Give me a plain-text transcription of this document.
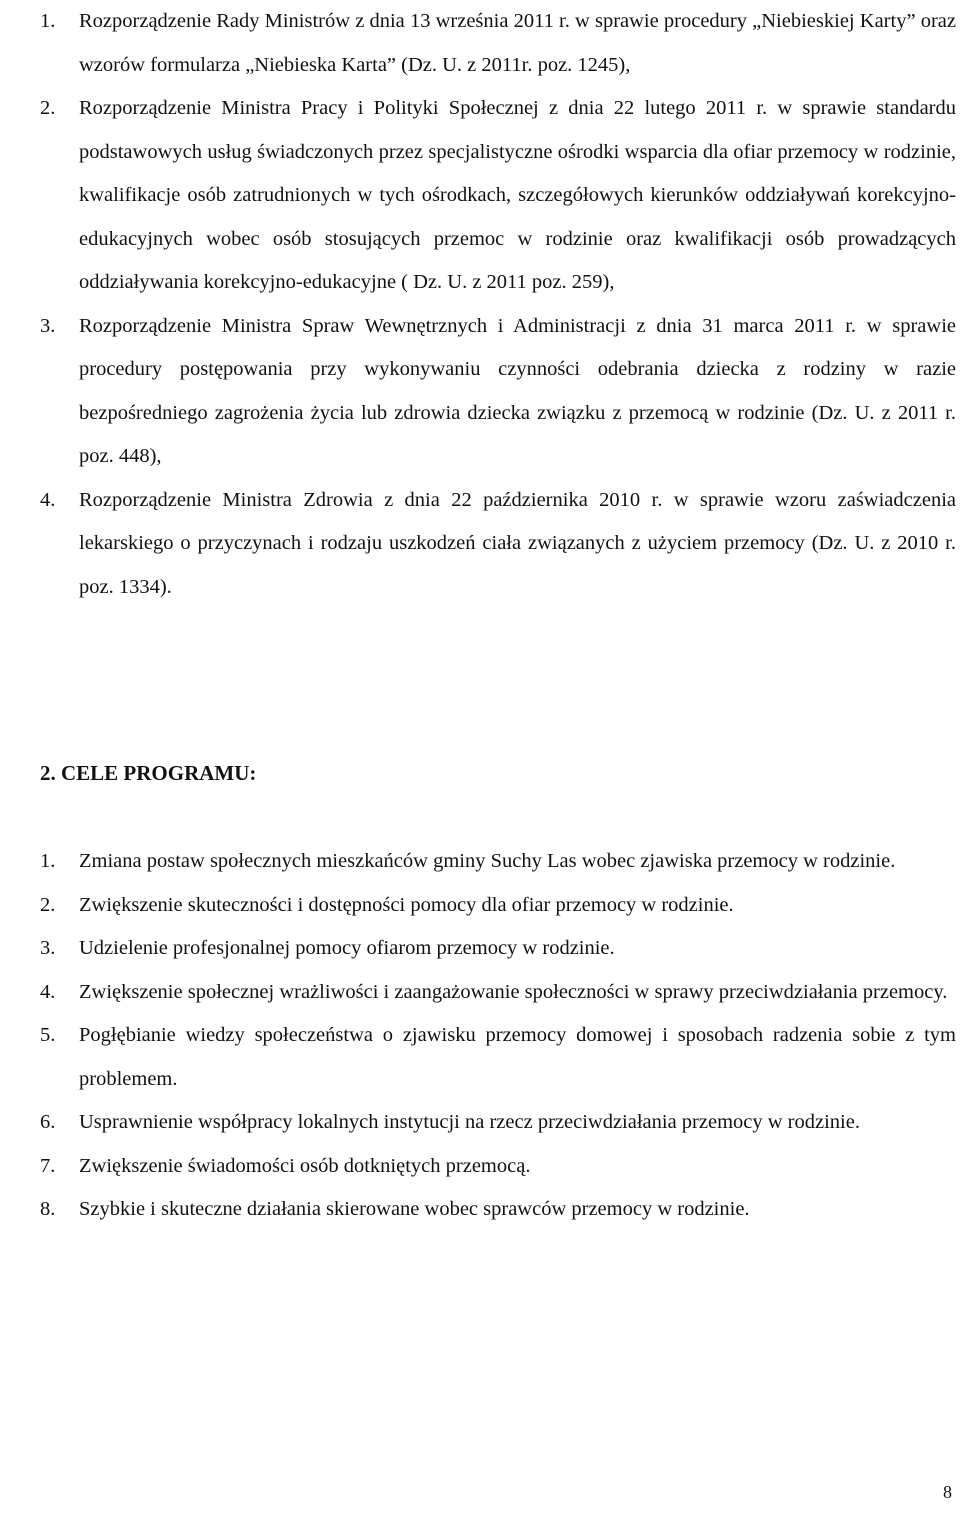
1.	Rozporządzenie Rady Ministrów z dnia 13 września 2011 r. w sprawie procedury „Niebieskiej Karty” oraz wzorów formularza „Niebieska Karta” (Dz. U. z 2011r. poz. 1245),
2.	Rozporządzenie Ministra Pracy i Polityki Społecznej z dnia 22 lutego 2011 r. w sprawie standardu podstawowych usług świadczonych przez specjalistyczne ośrodki wsparcia dla ofiar przemocy w rodzinie, kwalifikacje osób zatrudnionych w tych ośrodkach, szczegółowych kierunków oddziaływań korekcyjno-edukacyjnych wobec osób stosujących przemoc w rodzinie oraz kwalifikacji osób prowadzących oddziaływania korekcyjno-edukacyjne ( Dz. U. z 2011 poz. 259),
3.	Rozporządzenie Ministra Spraw Wewnętrznych i Administracji z dnia 31 marca 2011 r. w sprawie procedury postępowania przy wykonywaniu czynności odebrania dziecka z rodziny w razie bezpośredniego zagrożenia życia lub zdrowia dziecka związku z przemocą w rodzinie (Dz. U. z 2011 r. poz. 448),
4.	Rozporządzenie Ministra Zdrowia z dnia 22 października 2010 r. w sprawie wzoru zaświadczenia lekarskiego o przyczynach i rodzaju uszkodzeń ciała związanych z użyciem przemocy (Dz. U. z 2010 r. poz. 1334).
2. CELE PROGRAMU:
1.	Zmiana postaw społecznych mieszkańców gminy Suchy Las wobec zjawiska przemocy w rodzinie.
2.	Zwiększenie skuteczności i dostępności pomocy dla ofiar przemocy w rodzinie.
3.	Udzielenie profesjonalnej pomocy ofiarom przemocy w rodzinie.
4.	Zwiększenie społecznej wrażliwości i zaangażowanie społeczności w sprawy przeciwdziałania przemocy.
5.	Pogłębianie wiedzy społeczeństwa o zjawisku przemocy domowej i sposobach radzenia sobie z tym problemem.
6.	Usprawnienie współpracy lokalnych instytucji na rzecz przeciwdziałania przemocy w rodzinie.
7.	Zwiększenie świadomości osób dotkniętych przemocą.
8.	Szybkie i skuteczne działania skierowane wobec sprawców przemocy w rodzinie.
8
